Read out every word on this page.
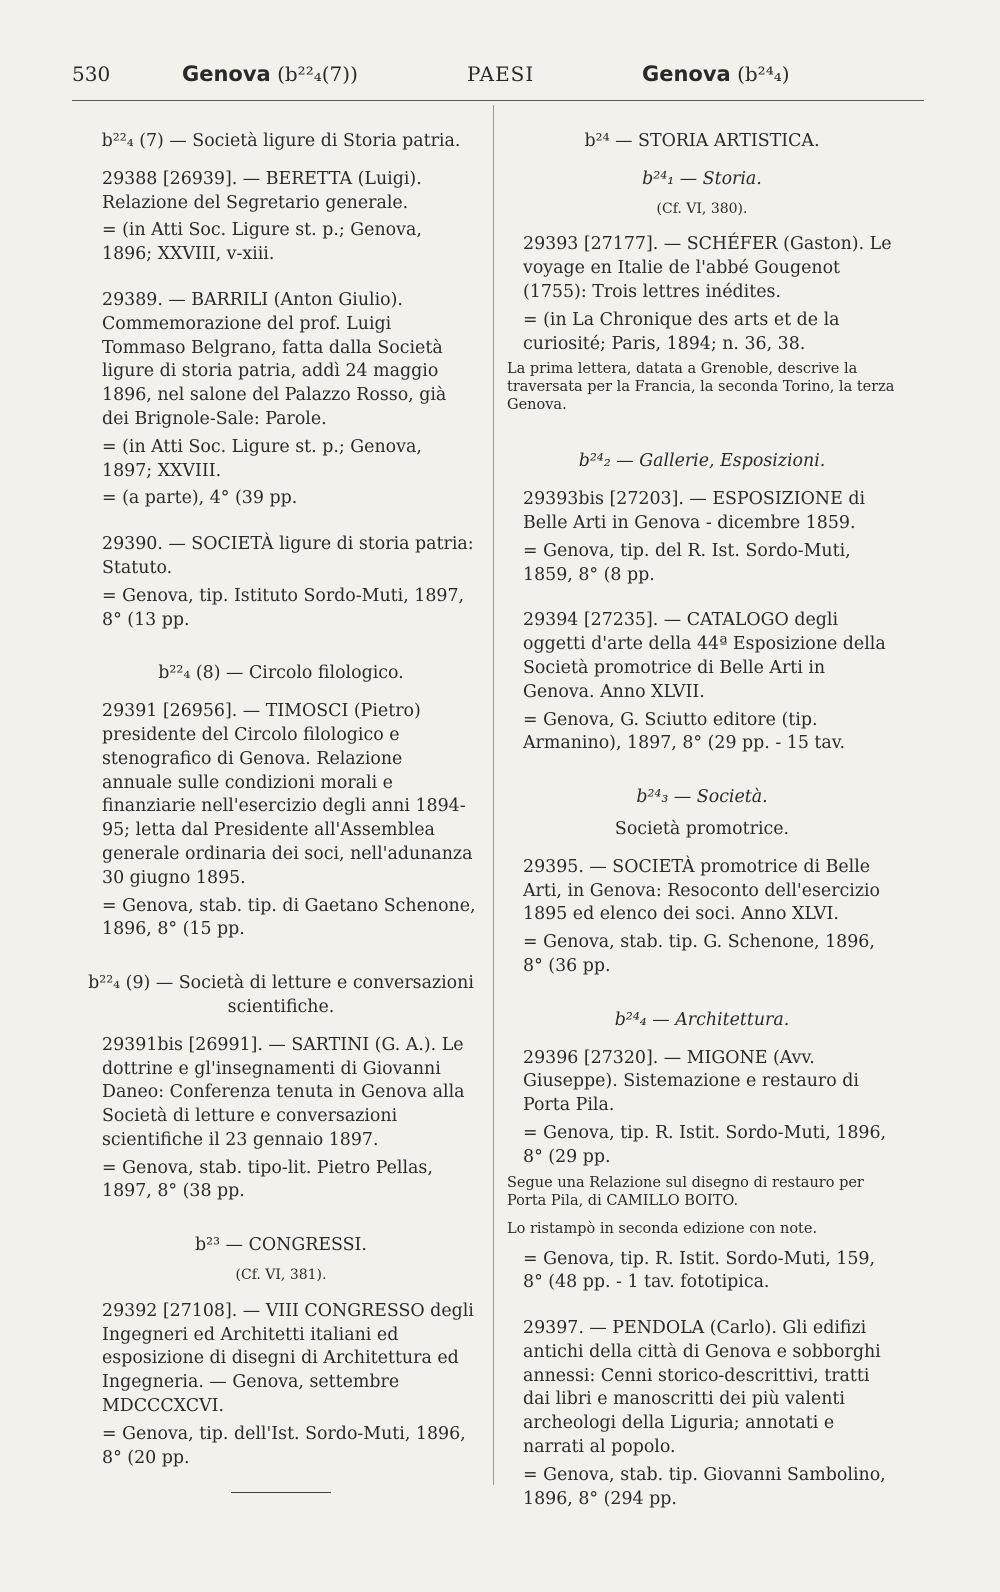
530	Genova (b²²₄(7))	PAESI	Genova (b²⁴₄)
b²²₄ (7) — Società ligure di Storia patria.
29388 [26939]. — BERETTA (Luigi). Relazione del Segretario generale.
= (in Atti Soc. Ligure st. p.; Genova, 1896; XXVIII, v-xiii.
29389. — BARRILI (Anton Giulio). Commemorazione del prof. Luigi Tommaso Belgrano, fatta dalla Società ligure di storia patria, addì 24 maggio 1896, nel salone del Palazzo Rosso, già dei Brignole-Sale: Parole.
= (in Atti Soc. Ligure st. p.; Genova, 1897; XXVIII.
= (a parte), 4° (39 pp.
29390. — SOCIETÀ ligure di storia patria: Statuto.
= Genova, tip. Istituto Sordo-Muti, 1897, 8° (13 pp.
b²²₄ (8) — Circolo filologico.
29391 [26956]. — TIMOSCI (Pietro) presidente del Circolo filologico e stenografico di Genova. Relazione annuale sulle condizioni morali e finanziarie nell'esercizio degli anni 1894-95; letta dal Presidente all'Assemblea generale ordinaria dei soci, nell'adunanza 30 giugno 1895.
= Genova, stab. tip. di Gaetano Schenone, 1896, 8° (15 pp.
b²²₄ (9) — Società di letture e conversazioni scientifiche.
29391bis [26991]. — SARTINI (G. A.). Le dottrine e gl'insegnamenti di Giovanni Daneo: Conferenza tenuta in Genova alla Società di letture e conversazioni scientifiche il 23 gennaio 1897.
= Genova, stab. tipo-lit. Pietro Pellas, 1897, 8° (38 pp.
b²³ — CONGRESSI.
(Cf. VI, 381).
29392 [27108]. — VIII CONGRESSO degli Ingegneri ed Architetti italiani ed esposizione di disegni di Architettura ed Ingegneria. — Genova, settembre MDCCCXCVI.
= Genova, tip. dell'Ist. Sordo-Muti, 1896, 8° (20 pp.
b²⁴ — STORIA ARTISTICA.
b²⁴₁ — Storia.
(Cf. VI, 380).
29393 [27177]. — SCHÉFER (Gaston). Le voyage en Italie de l'abbé Gougenot (1755): Trois lettres inédites.
= (in La Chronique des arts et de la curiosité; Paris, 1894; n. 36, 38.
La prima lettera, datata a Grenoble, descrive la traversata per la Francia, la seconda Torino, la terza Genova.
b²⁴₂ — Gallerie, Esposizioni.
29393bis [27203]. — ESPOSIZIONE di Belle Arti in Genova - dicembre 1859.
= Genova, tip. del R. Ist. Sordo-Muti, 1859, 8° (8 pp.
29394 [27235]. — CATALOGO degli oggetti d'arte della 44ª Esposizione della Società promotrice di Belle Arti in Genova. Anno XLVII.
= Genova, G. Sciutto editore (tip. Armanino), 1897, 8° (29 pp. - 15 tav.
b²⁴₃ — Società.
Società promotrice.
29395. — SOCIETÀ promotrice di Belle Arti, in Genova: Resoconto dell'esercizio 1895 ed elenco dei soci. Anno XLVI.
= Genova, stab. tip. G. Schenone, 1896, 8° (36 pp.
b²⁴₄ — Architettura.
29396 [27320]. — MIGONE (Avv. Giuseppe). Sistemazione e restauro di Porta Pila.
= Genova, tip. R. Istit. Sordo-Muti, 1896, 8° (29 pp.
Segue una Relazione sul disegno di restauro per Porta Pila, di CAMILLO BOITO.
Lo ristampò in seconda edizione con note.
= Genova, tip. R. Istit. Sordo-Muti, 159, 8° (48 pp. - 1 tav. fototipica.
29397. — PENDOLA (Carlo). Gli edifizi antichi della città di Genova e sobborghi annessi: Cenni storico-descrittivi, tratti dai libri e manoscritti dei più valenti archeologi della Liguria; annotati e narrati al popolo.
= Genova, stab. tip. Giovanni Sambolino, 1896, 8° (294 pp.
